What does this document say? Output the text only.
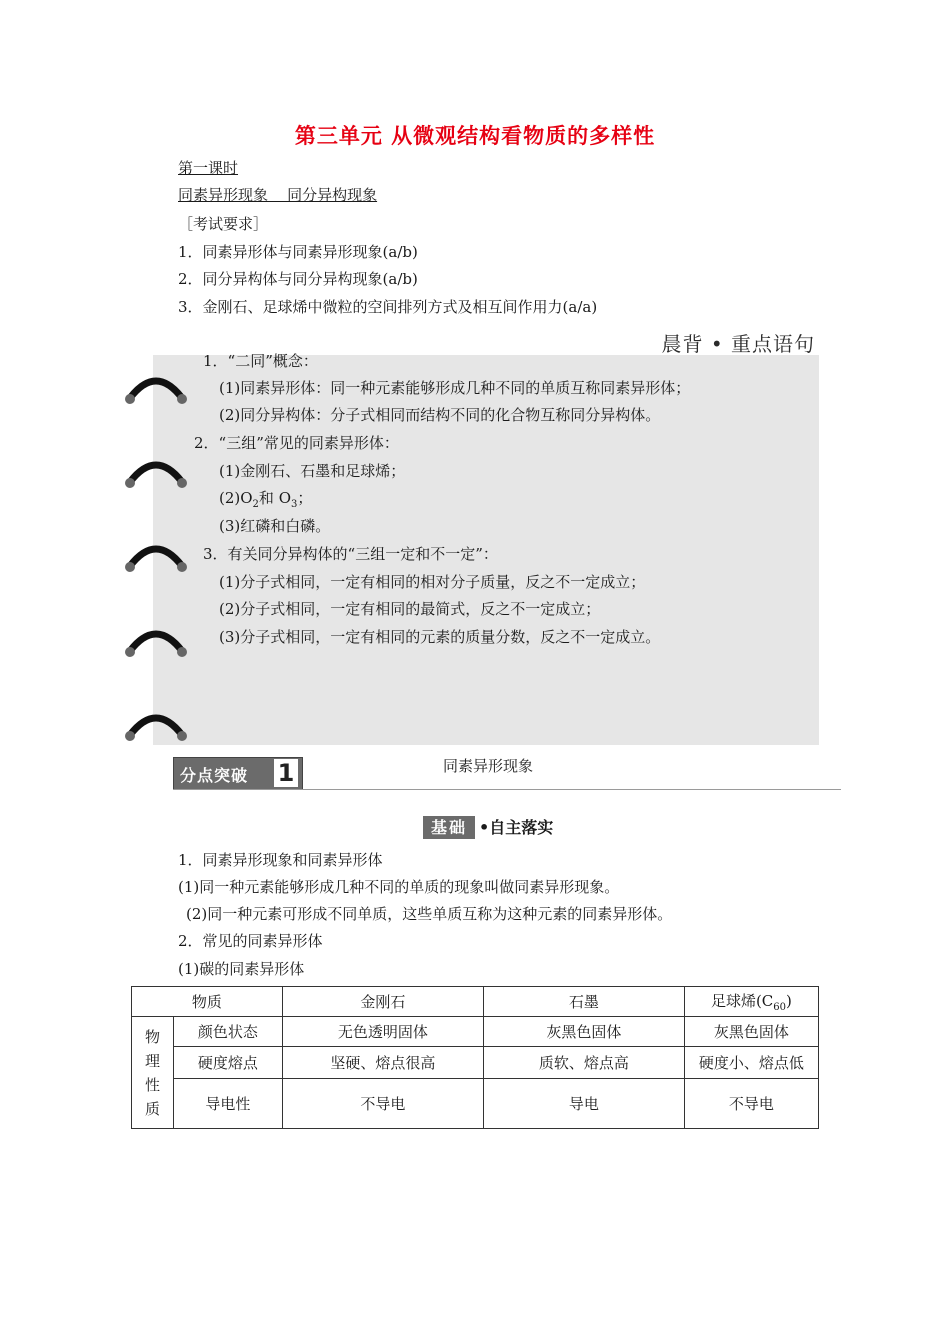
第三单元 从微观结构看物质的多样性
第一课时
同素异形现象    同分异构现象
［考试要求］
1．同素异形体与同素异形现象(a/b)
2．同分异构体与同分异构现象(a/b)
3．金刚石、足球烯中微粒的空间排列方式及相互间作用力(a/a)
晨背 • 重点语句
1．“二同”概念：
(1)同素异形体：同一种元素能够形成几种不同的单质互称同素异形体；
(2)同分异构体：分子式相同而结构不同的化合物互称同分异构体。
2．“三组”常见的同素异形体：
(1)金刚石、石墨和足球烯；
$(2)O_2$和 $O_3$；
(3)红磷和白磷。
3．有关同分异构体的“三组一定和不一定”：
(1)分子式相同，一定有相同的相对分子质量，反之不一定成立；
(2)分子式相同，一定有相同的最简式，反之不一定成立；
(3)分子式相同，一定有相同的元素的质量分数，反之不一定成立。
分点突破 1	同素异形现象
基础 •自主落实
1．同素异形现象和同素异形体
(1)同一种元素能够形成几种不同的单质的现象叫做同素异形现象。
(2)同一种元素可形成不同单质，这些单质互称为这种元素的同素异形体。
2．常见的同素异形体
(1)碳的同素异形体
物质		金刚石	石墨	足球烯$(C_{60})$
物
理
性
质	颜色状态	无色透明固体	灰黑色固体	灰黑色固体
	硬度熔点	坚硬、熔点很高	质软、熔点高	硬度小、熔点低
	导电性	不导电	导电	不导电
